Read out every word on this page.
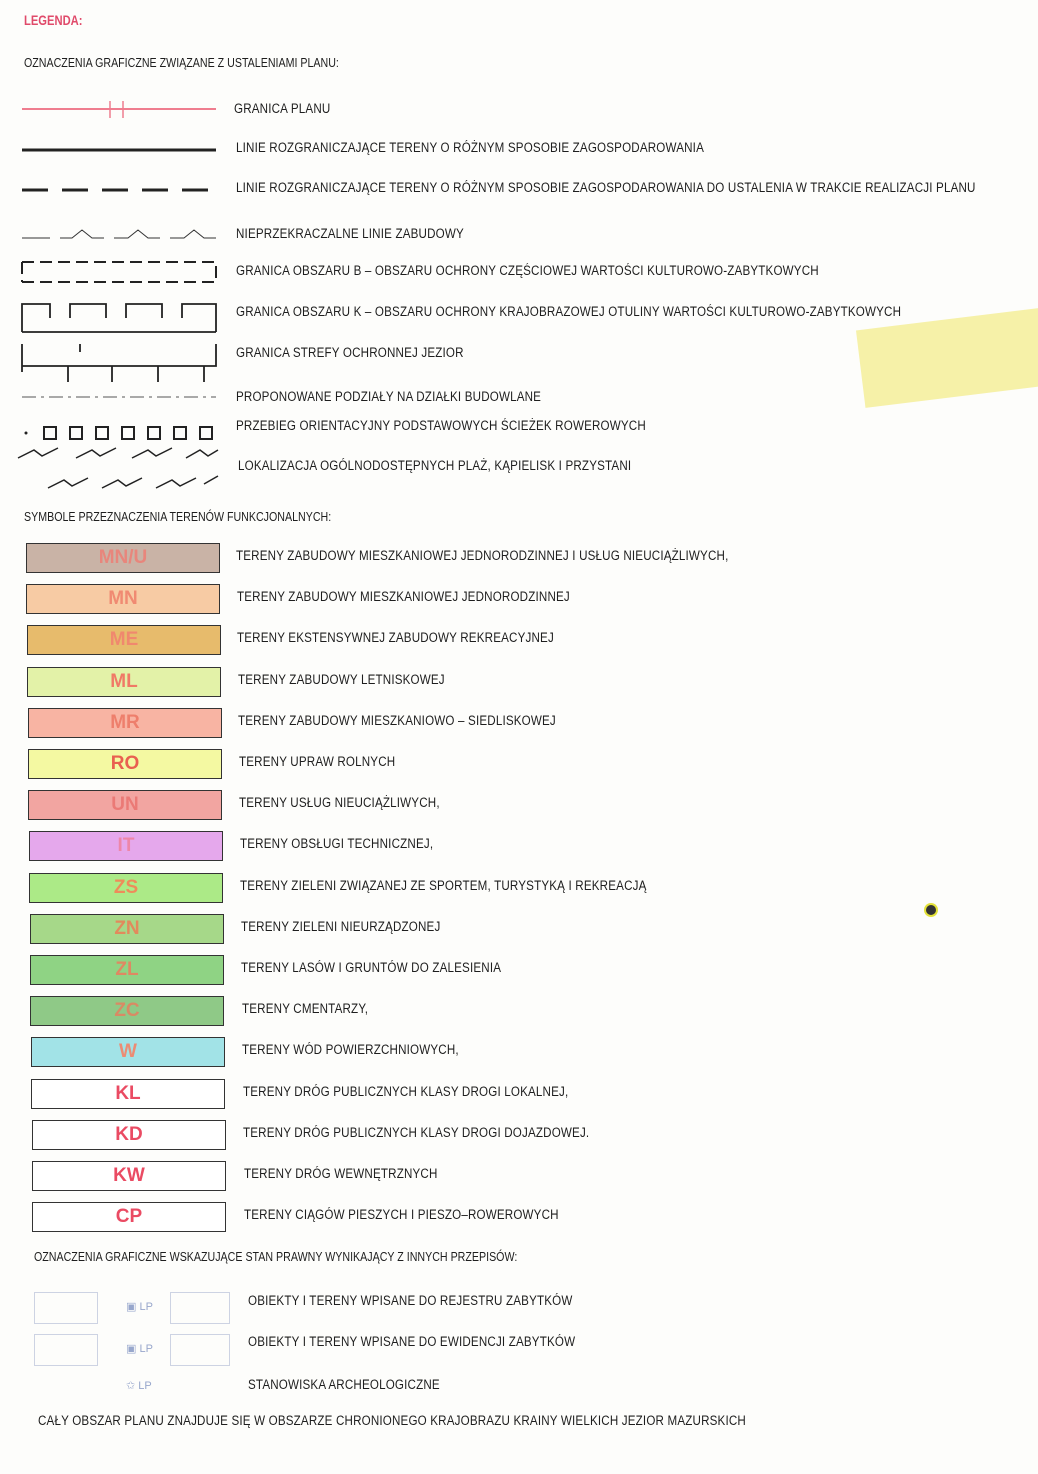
LEGENDA:
OZNACZENIA GRAFICZNE ZWIĄZANE Z USTALENIAMI PLANU:
GRANICA PLANU
LINIE ROZGRANICZAJĄCE TERENY O RÓŻNYM SPOSOBIE ZAGOSPODAROWANIA
LINIE ROZGRANICZAJĄCE TERENY O RÓŻNYM SPOSOBIE ZAGOSPODAROWANIA DO USTALENIA W TRAKCIE REALIZACJI PLANU
NIEPRZEKRACZALNE LINIE ZABUDOWY
GRANICA OBSZARU B – OBSZARU OCHRONY CZĘŚCIOWEJ WARTOŚCI KULTUROWO-ZABYTKOWYCH
GRANICA OBSZARU K – OBSZARU OCHRONY KRAJOBRAZOWEJ OTULINY WARTOŚCI KULTUROWO-ZABYTKOWYCH
GRANICA STREFY OCHRONNEJ JEZIOR
PROPONOWANE PODZIAŁY NA DZIAŁKI BUDOWLANE
PRZEBIEG ORIENTACYJNY PODSTAWOWYCH ŚCIEŻEK ROWEROWYCH
LOKALIZACJA OGÓLNODOSTĘPNYCH PLAŻ, KĄPIELISK I PRZYSTANI
SYMBOLE PRZEZNACZENIA TERENÓW FUNKCJONALNYCH:
MN/U	TERENY ZABUDOWY MIESZKANIOWEJ JEDNORODZINNEJ I USŁUG NIEUCIĄŻLIWYCH,
MN	TERENY ZABUDOWY MIESZKANIOWEJ JEDNORODZINNEJ
ME	TERENY EKSTENSYWNEJ ZABUDOWY REKREACYJNEJ
ML	TERENY ZABUDOWY LETNISKOWEJ
MR	TERENY ZABUDOWY MIESZKANIOWO – SIEDLISKOWEJ
RO	TERENY UPRAW ROLNYCH
UN	TERENY USŁUG NIEUCIĄŻLIWYCH,
IT	TERENY OBSŁUGI TECHNICZNEJ,
ZS	TERENY ZIELENI ZWIĄZANEJ ZE SPORTEM, TURYSTYKĄ I REKREACJĄ
ZN	TERENY ZIELENI NIEURZĄDZONEJ
ZL	TERENY LASÓW I GRUNTÓW DO ZALESIENIA
ZC	TERENY CMENTARZY,
W	TERENY WÓD POWIERZCHNIOWYCH,
KL	TERENY DRÓG PUBLICZNYCH KLASY DROGI LOKALNEJ,
KD	TERENY DRÓG PUBLICZNYCH KLASY DROGI DOJAZDOWEJ.
KW	TERENY DRÓG WEWNĘTRZNYCH
CP	TERENY CIĄGÓW PIESZYCH I PIESZO–ROWEROWYCH
OZNACZENIA GRAFICZNE WSKAZUJĄCE STAN PRAWNY WYNIKAJĄCY Z INNYCH PRZEPISÓW:
▣ LP	OBIEKTY I TERENY WPISANE DO REJESTRU ZABYTKÓW
▣ LP	OBIEKTY I TERENY WPISANE DO EWIDENCJI ZABYTKÓW
✩ LP	STANOWISKA ARCHEOLOGICZNE
CAŁY OBSZAR PLANU ZNAJDUJE SIĘ W OBSZARZE CHRONIONEGO KRAJOBRAZU KRAINY WIELKICH JEZIOR MAZURSKICH
